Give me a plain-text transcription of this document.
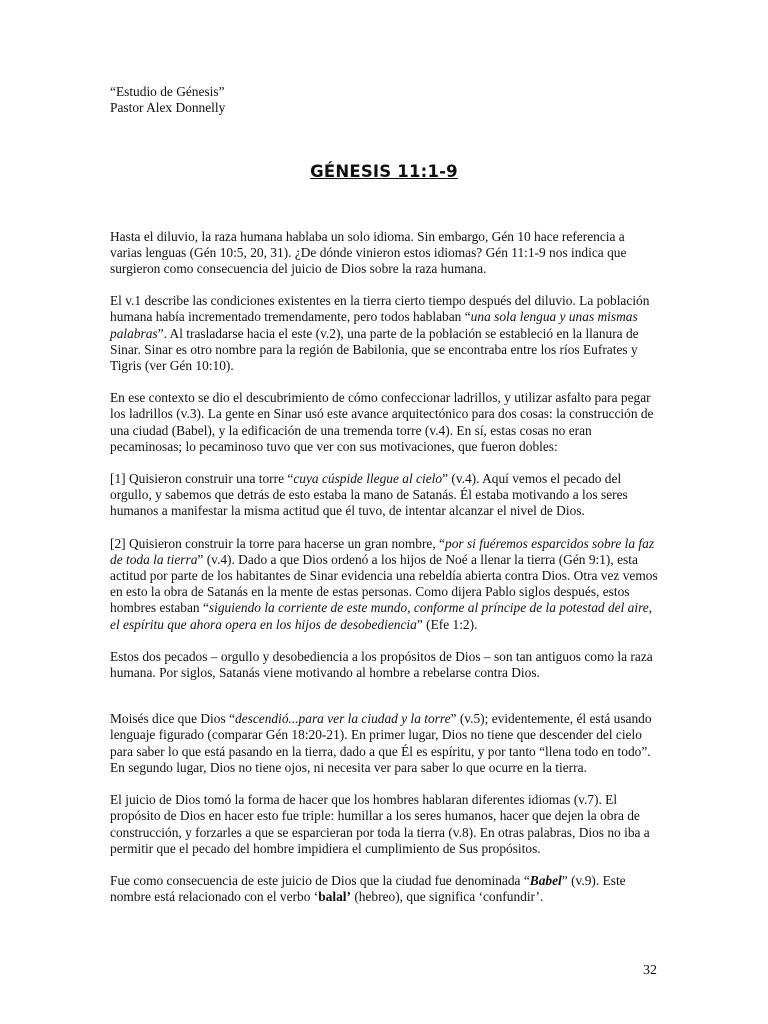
“Estudio de Génesis”
Pastor Alex Donnelly
GÉNESIS 11:1-9

Hasta el diluvio, la raza humana hablaba un solo idioma. Sin embargo, Gén 10 hace referencia a varias lenguas (Gén 10:5, 20, 31). ¿De dónde vinieron estos idiomas? Gén 11:1-9 nos indica que surgieron como consecuencia del juicio de Dios sobre la raza humana.

El v.1 describe las condiciones existentes en la tierra cierto tiempo después del diluvio. La población humana había incrementado tremendamente, pero todos hablaban “una sola lengua y unas mismas palabras”. Al trasladarse hacia el este (v.2), una parte de la población se estableció en la llanura de Sinar. Sinar es otro nombre para la región de Babilonia, que se encontraba entre los ríos Eufrates y Tigris (ver Gén 10:10).

En ese contexto se dio el descubrimiento de cómo confeccionar ladrillos, y utilizar asfalto para pegar los ladrillos (v.3). La gente en Sinar usó este avance arquitectónico para dos cosas: la construcción de una ciudad (Babel), y la edificación de una tremenda torre (v.4). En sí, estas cosas no eran pecaminosas; lo pecaminoso tuvo que ver con sus motivaciones, que fueron dobles:

[1] Quisieron construir una torre “cuya cúspide llegue al cielo” (v.4). Aquí vemos el pecado del orgullo, y sabemos que detrás de esto estaba la mano de Satanás. Él estaba motivando a los seres humanos a manifestar la misma actitud que él tuvo, de intentar alcanzar el nivel de Dios.

[2] Quisieron construir la torre para hacerse un gran nombre, “por si fuéremos esparcidos sobre la faz de toda la tierra” (v.4). Dado a que Dios ordenó a los hijos de Noé a llenar la tierra (Gén 9:1), esta actitud por parte de los habitantes de Sinar evidencia una rebeldía abierta contra Dios. Otra vez vemos en esto la obra de Satanás en la mente de estas personas. Como dijera Pablo siglos después, estos hombres estaban “siguiendo la corriente de este mundo, conforme al príncipe de la potestad del aire, el espíritu que ahora opera en los hijos de desobediencia” (Efe 1:2).

Estos dos pecados – orgullo y desobediencia a los propósitos de Dios – son tan antiguos como la raza humana. Por siglos, Satanás viene motivando al hombre a rebelarse contra Dios.

Moisés dice que Dios “descendió...para ver la ciudad y la torre” (v.5); evidentemente, él está usando lenguaje figurado (comparar Gén 18:20-21). En primer lugar, Dios no tiene que descender del cielo para saber lo que está pasando en la tierra, dado a que Él es espíritu, y por tanto “llena todo en todo”. En segundo lugar, Dios no tiene ojos, ni necesita ver para saber lo que ocurre en la tierra.

El juicio de Dios tomó la forma de hacer que los hombres hablaran diferentes idiomas (v.7). El propósito de Dios en hacer esto fue triple: humillar a los seres humanos, hacer que dejen la obra de construcción, y forzarles a que se esparcieran por toda la tierra (v.8). En otras palabras, Dios no iba a permitir que el pecado del hombre impidiera el cumplimiento de Sus propósitos.

Fue como consecuencia de este juicio de Dios que la ciudad fue denominada “Babel” (v.9). Este nombre está relacionado con el verbo ‘balal’ (hebreo), que significa ‘confundir’.

32
